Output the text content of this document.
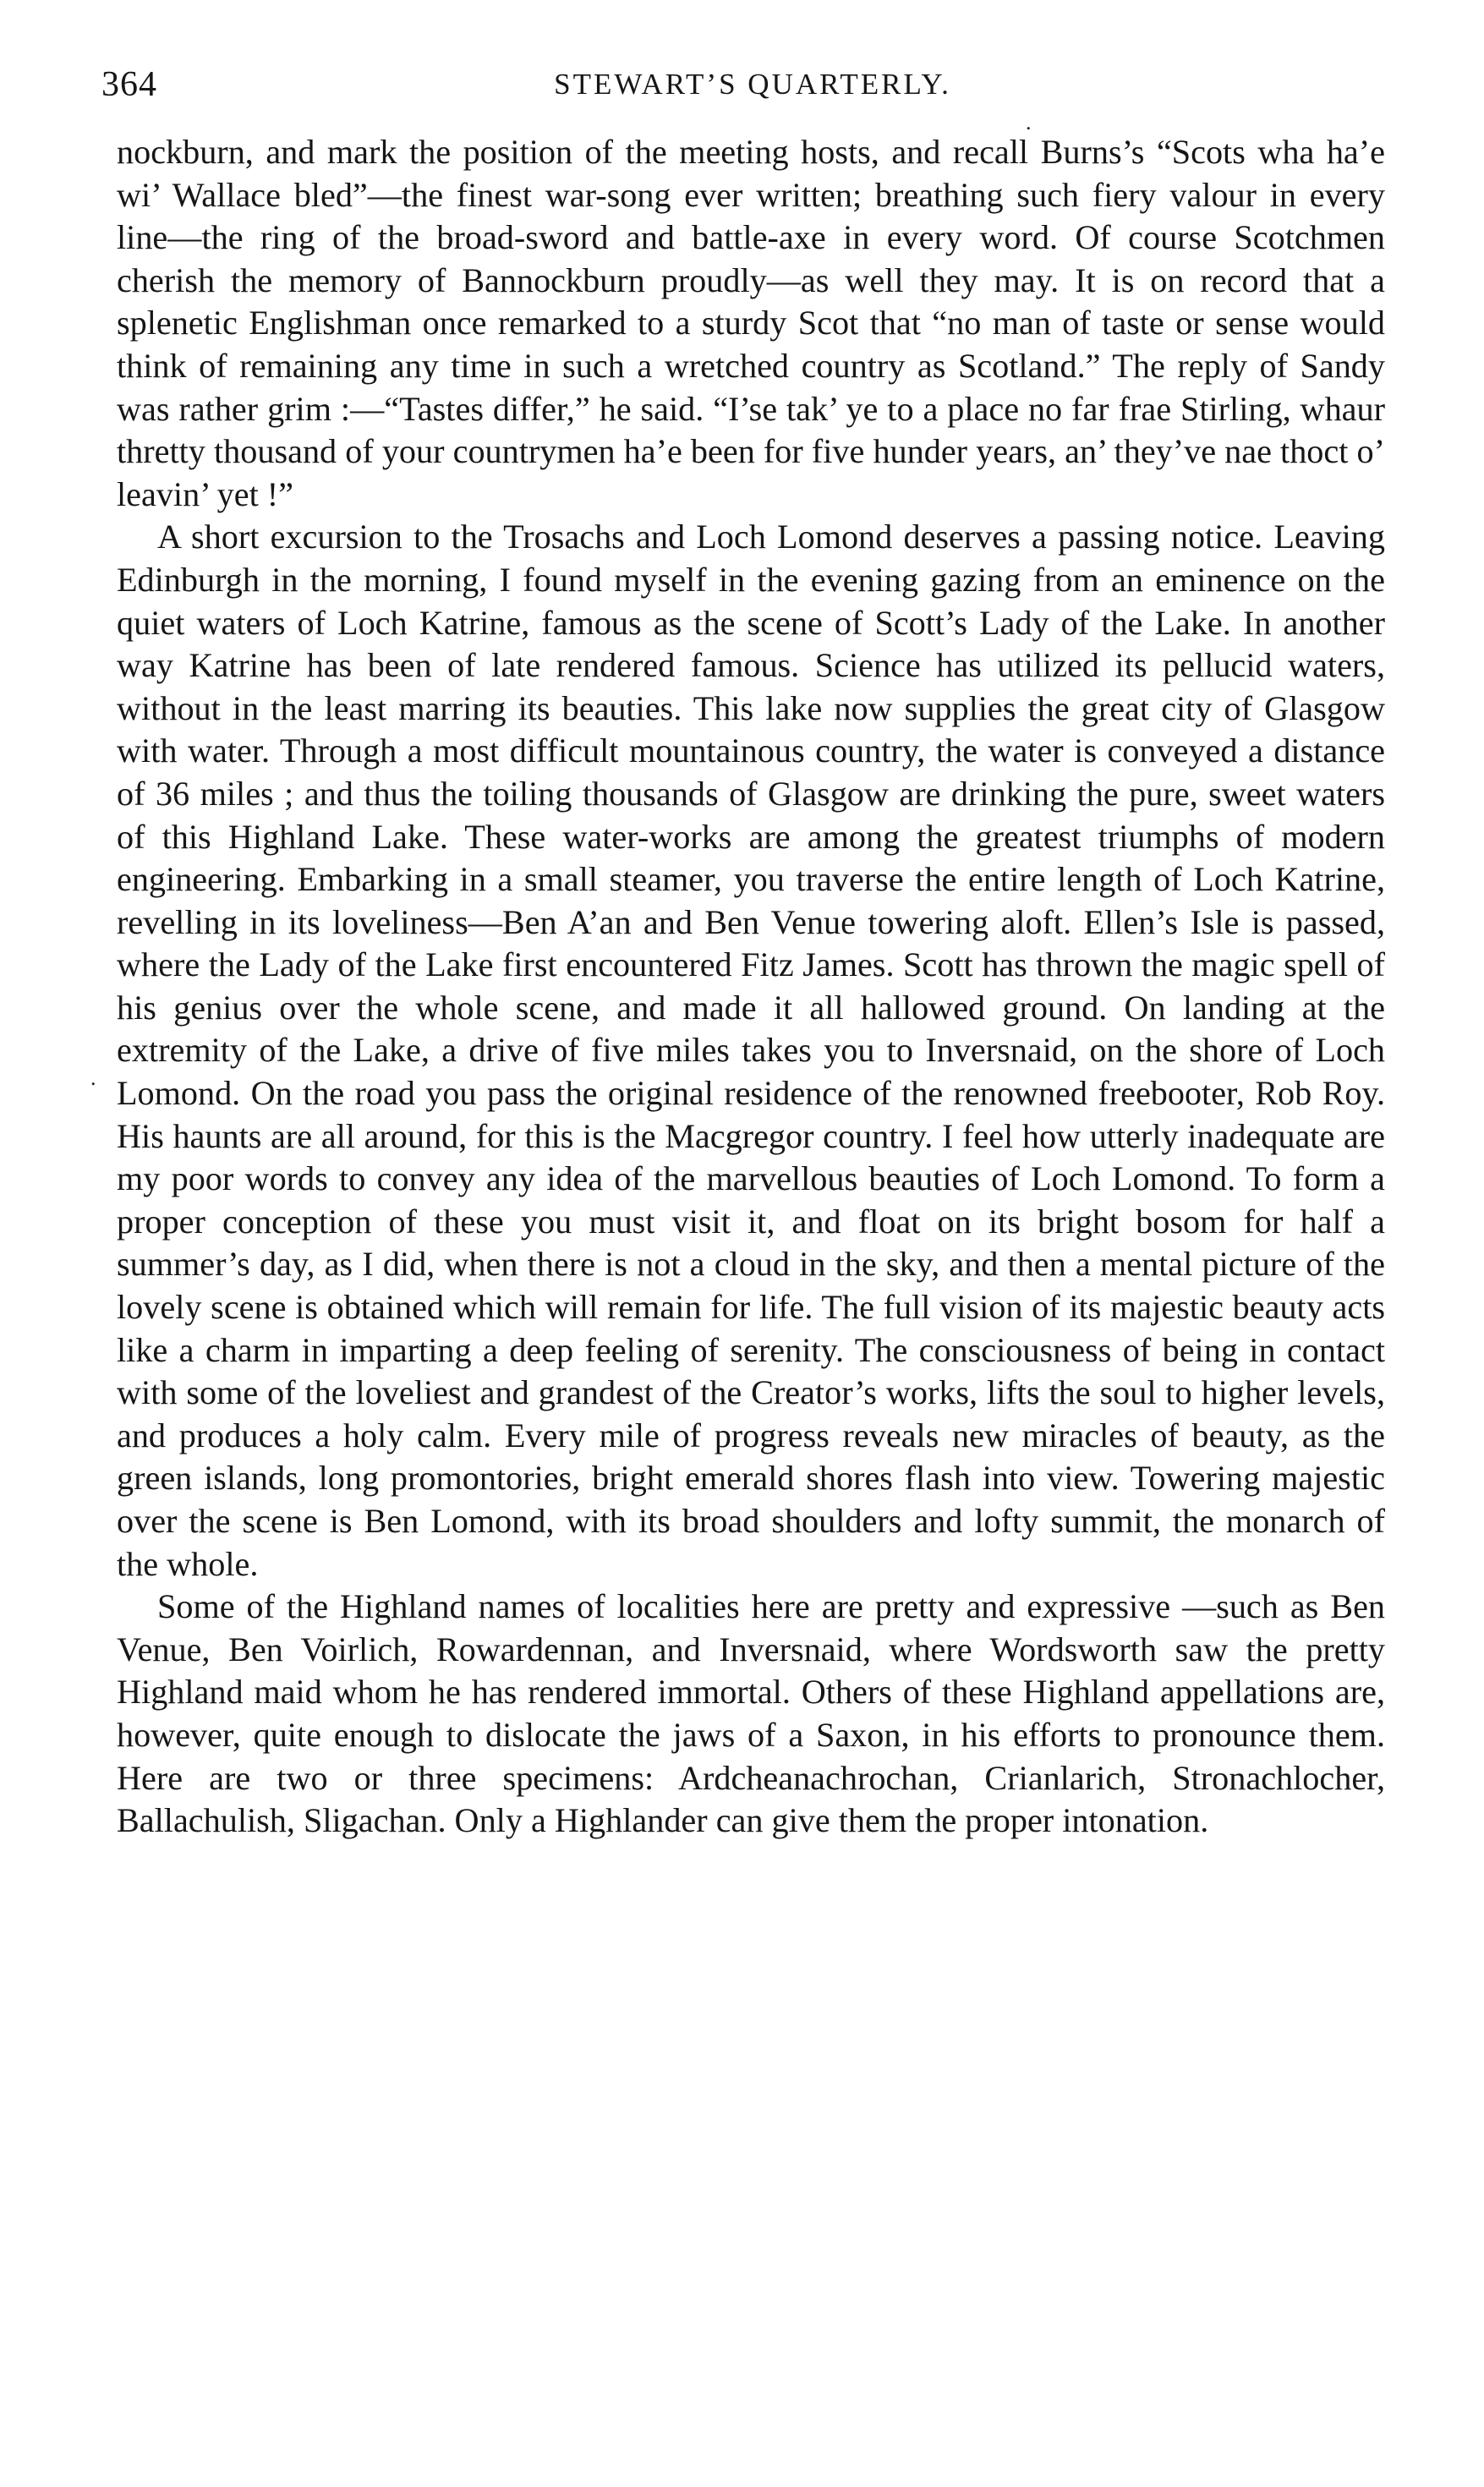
364	STEWART’S QUARTERLY.
.
.

nockburn, and mark the position of the meeting hosts, and recall Burns’s “Scots wha ha’e wi’ Wallace bled”—the finest war-song ever written; breathing such fiery valour in every line—the ring of the broad-sword and battle-axe in every word. Of course Scotchmen cherish the memory of Bannockburn proudly—as well they may. It is on record that a splenetic Englishman once remarked to a sturdy Scot that “no man of taste or sense would think of remaining any time in such a wretched country as Scotland.” The reply of Sandy was rather grim :—“Tastes differ,” he said. “I’se tak’ ye to a place no far frae Stirling, whaur thretty thousand of your countrymen ha’e been for five hunder years, an’ they’ve nae thoct o’ leavin’ yet !”

A short excursion to the Trosachs and Loch Lomond deserves a passing notice. Leaving Edinburgh in the morning, I found myself in the evening gazing from an eminence on the quiet waters of Loch Katrine, famous as the scene of Scott’s Lady of the Lake. In another way Katrine has been of late rendered famous. Science has utilized its pellucid waters, without in the least marring its beauties. This lake now supplies the great city of Glasgow with water. Through a most difficult mountainous country, the water is conveyed a distance of 36 miles ; and thus the toiling thousands of Glasgow are drinking the pure, sweet waters of this Highland Lake. These water-works are among the greatest triumphs of modern engineering. Embarking in a small steamer, you traverse the entire length of Loch Katrine, revelling in its loveliness—Ben A’an and Ben Venue towering aloft. Ellen’s Isle is passed, where the Lady of the Lake first encountered Fitz James. Scott has thrown the magic spell of his genius over the whole scene, and made it all hallowed ground. On landing at the extremity of the Lake, a drive of five miles takes you to Inversnaid, on the shore of Loch Lomond. On the road you pass the original residence of the renowned freebooter, Rob Roy. His haunts are all around, for this is the Macgregor country. I feel how utterly inadequate are my poor words to convey any idea of the marvellous beauties of Loch Lomond. To form a proper conception of these you must visit it, and float on its bright bosom for half a summer’s day, as I did, when there is not a cloud in the sky, and then a mental picture of the lovely scene is obtained which will remain for life. The full vision of its majestic beauty acts like a charm in imparting a deep feeling of serenity. The consciousness of being in contact with some of the loveliest and grandest of the Creator’s works, lifts the soul to higher levels, and produces a holy calm. Every mile of progress reveals new miracles of beauty, as the green islands, long promontories, bright emerald shores flash into view. Towering majestic over the scene is Ben Lomond, with its broad shoulders and lofty summit, the monarch of the whole.

Some of the Highland names of localities here are pretty and expressive —such as Ben Venue, Ben Voirlich, Rowardennan, and Inversnaid, where Wordsworth saw the pretty Highland maid whom he has rendered immortal. Others of these Highland appellations are, however, quite enough to dislocate the jaws of a Saxon, in his efforts to pronounce them. Here are two or three specimens: Ardcheanachrochan, Crianlarich, Stronachlocher, Ballachulish, Sligachan. Only a Highlander can give them the proper intonation.
